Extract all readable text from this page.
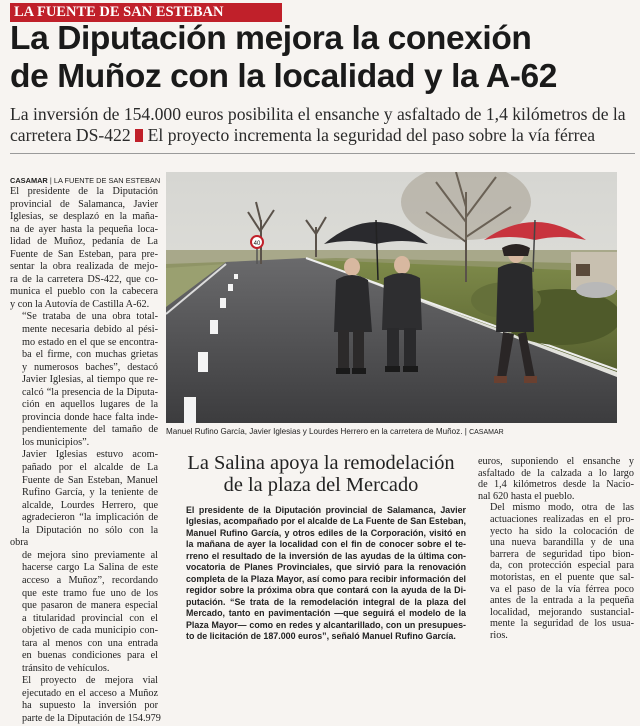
LA FUENTE DE SAN ESTEBAN
La Diputación mejora la conexión
de Muñoz con la localidad y la A-62
La inversión de 154.000 euros posibilita el ensanche y asfaltado de 1,4 kilómetros de la
carretera DS-422 El proyecto incrementa la seguridad del paso sobre la vía férrea
CASAMAR | LA FUENTE DE SAN ESTEBAN

El presidente de la Diputación
provincial de Salamanca, Javier
Iglesias, se desplazó en la maña-
na de ayer hasta la pequeña loca-
lidad de Muñoz, pedanía de La
Fuente de San Esteban, para pre-
sentar la obra realizada de mejo-
ra de la carretera DS-422, que co-
munica el pueblo con la cabecera
y con la Autovía de Castilla A-62.

“Se trataba de una obra total-
mente necesaria debido al pési-
mo estado en el que se encontra-
ba el firme, con muchas grietas
y numerosos baches”, destacó
Javier Iglesias, al tiempo que re-
calcó “la presencia de la Diputa-
ción en aquellos lugares de la
provincia donde hace falta inde-
pendientemente del tamaño de
los municipios”.

Javier Iglesias estuvo acom-
pañado por el alcalde de La
Fuente de San Esteban, Manuel
Rufino García, y la teniente de
alcalde, Lourdes Herrero, que
agradecieron “la implicación de
la Diputación no sólo con la obra
de mejora sino previamente al
hacerse cargo La Salina de este
acceso a Muñoz”, recordando
que este tramo fue uno de los
que pasaron de manera especial
a titularidad provincial con el
objetivo de cada municipio con-
tara al menos con una entrada
en buenas condiciones para el
tránsito de vehículos.

El proyecto de mejora vial
ejecutado en el acceso a Muñoz
ha supuesto la inversión por
parte de la Diputación de 154.979

40
Manuel Rufino García, Javier Iglesias y Lourdes Herrero en la carretera de Muñoz. | CASAMAR
La Salina apoya la remodelación
de la plaza del Mercado

El presidente de la Diputación provincial de Salamanca, Javier
Iglesias, acompañado por el alcalde de La Fuente de San Esteban,
Manuel Rufino García, y otros ediles de la Corporación, visitó en
la mañana de ayer la localidad con el fin de conocer sobre el te-
rreno el resultado de la inversión de las ayudas de la última con-
vocatoria de Planes Provinciales, que sirvió para la renovación
completa de la Plaza Mayor, así como para recibir información del
regidor sobre la próxima obra que contará con la ayuda de la Di-
putación. “Se trata de la remodelación integral de la plaza del
Mercado, tanto en pavimentación —que seguirá el modelo de la
Plaza Mayor— como en redes y alcantarillado, con un presupues-
to de licitación de 187.000 euros”, señaló Manuel Rufino García.

euros, suponiendo el ensanche y
asfaltado de la calzada a lo largo
de 1,4 kilómetros desde la Nacio-
nal 620 hasta el pueblo.

Del mismo modo, otra de las
actuaciones realizadas en el pro-
yecto ha sido la colocación de
una nueva barandilla y de una
barrera de seguridad tipo bion-
da, con protección especial para
motoristas, en el puente que sal-
va el paso de la vía férrea poco
antes de la entrada a la pequeña
localidad, mejorando sustancial-
mente la seguridad de los usua-
rios.
